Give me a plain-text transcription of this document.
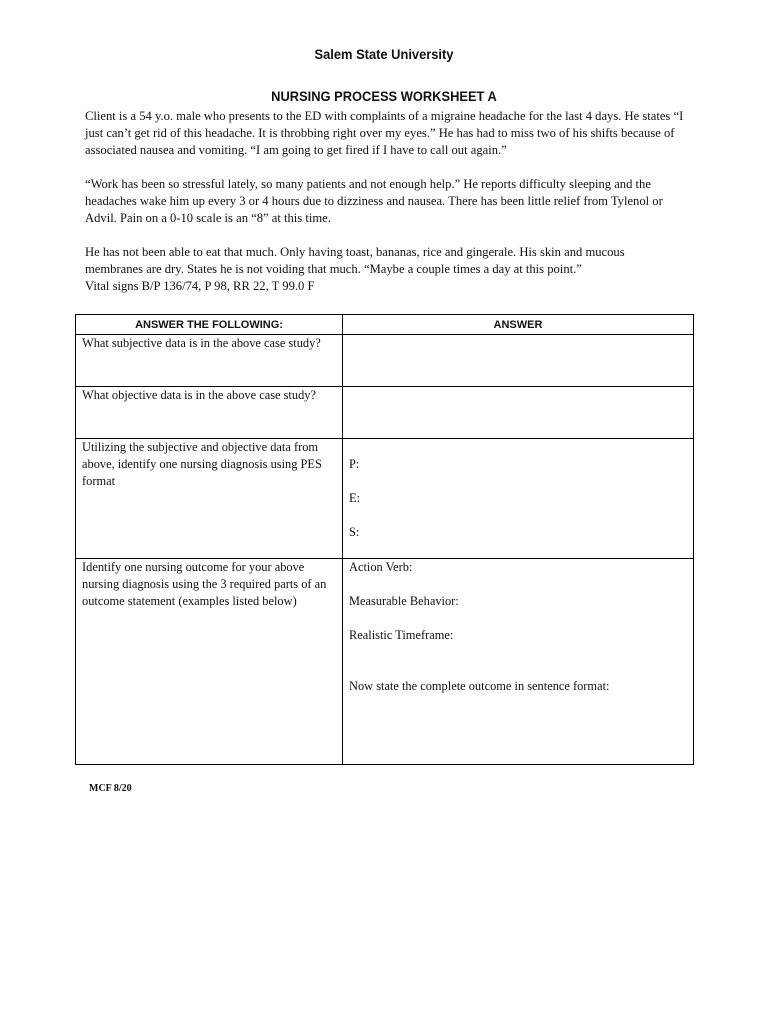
Salem State University
NURSING PROCESS WORKSHEET A

Client is a 54 y.o. male who presents to the ED with complaints of a migraine headache for the last 4 days. He states “I just can’t get rid of this headache. It is throbbing right over my eyes.” He has had to miss two of his shifts because of associated nausea and vomiting. “I am going to get fired if I have to call out again.”

“Work has been so stressful lately, so many patients and not enough help.” He reports difficulty sleeping and the headaches wake him up every 3 or 4 hours due to dizziness and nausea. There has been little relief from Tylenol or Advil. Pain on a 0-10 scale is an “8” at this time.

He has not been able to eat that much. Only having toast, bananas, rice and gingerale. His skin and mucous membranes are dry. States he is not voiding that much. “Maybe a couple times a day at this point.”

Vital signs B/P 136/74, P 98, RR 22, T 99.0 F
ANSWER THE FOLLOWING:	ANSWER

What subjective data is in the above case study?	

What objective data is in the above case study?	

Utilizing the subjective and objective data from above, identify one nursing diagnosis using PES format	P:
E:
S:

Identify one nursing outcome for your above nursing diagnosis using the 3 required parts of an outcome statement (examples listed below)	Action Verb:
Measurable Behavior:
Realistic Timeframe:
Now state the complete outcome in sentence format:
MCF 8/20
